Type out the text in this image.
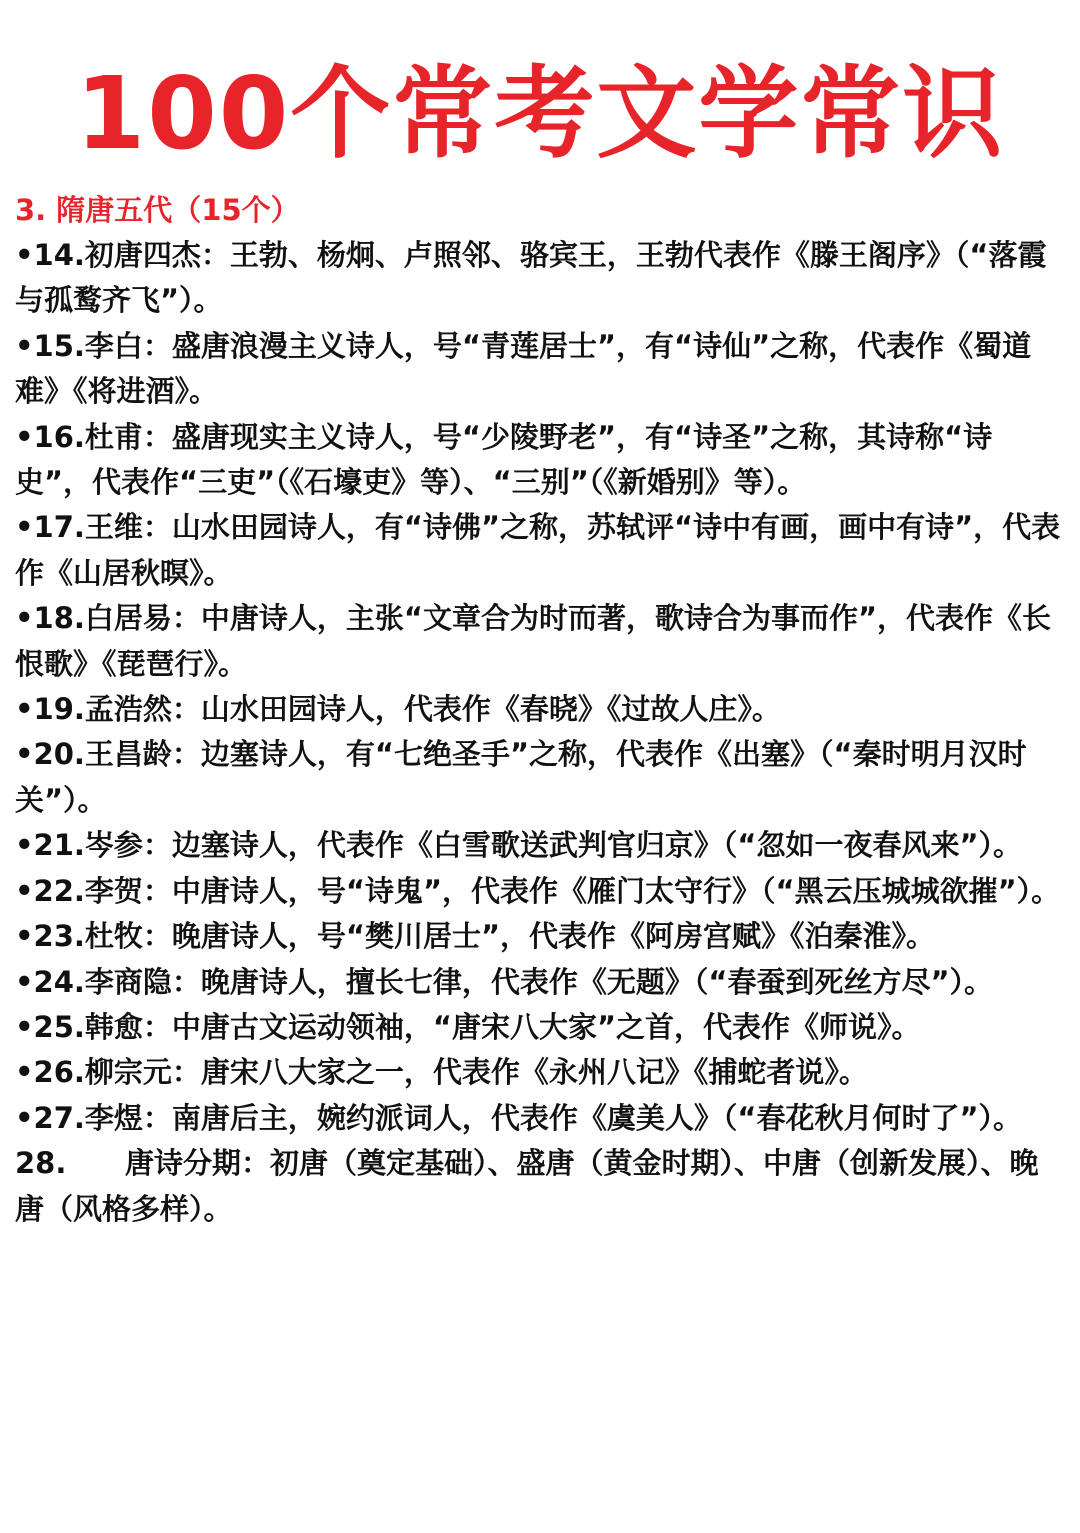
100个常考文学常识
3. 隋唐五代（15个）
•14.初唐四杰：王勃、杨炯、卢照邻、骆宾王，王勃代表作《滕王阁序》（“落霞与孤鹜齐飞”）。
•15.李白：盛唐浪漫主义诗人，号“青莲居士”，有“诗仙”之称，代表作《蜀道难》《将进酒》。
•16.杜甫：盛唐现实主义诗人，号“少陵野老”，有“诗圣”之称，其诗称“诗史”，代表作“三吏”（《石壕吏》等）、“三别”（《新婚别》等）。
•17.王维：山水田园诗人，有“诗佛”之称，苏轼评“诗中有画，画中有诗”，代表作《山居秋暝》。
•18.白居易：中唐诗人，主张“文章合为时而著，歌诗合为事而作”，代表作《长恨歌》《琵琶行》。
•19.孟浩然：山水田园诗人，代表作《春晓》《过故人庄》。
•20.王昌龄：边塞诗人，有“七绝圣手”之称，代表作《出塞》（“秦时明月汉时关”）。
•21.岑参：边塞诗人，代表作《白雪歌送武判官归京》（“忽如一夜春风来”）。
•22.李贺：中唐诗人，号“诗鬼”，代表作《雁门太守行》（“黑云压城城欲摧”）。
•23.杜牧：晚唐诗人，号“樊川居士”，代表作《阿房宫赋》《泊秦淮》。
•24.李商隐：晚唐诗人，擅长七律，代表作《无题》（“春蚕到死丝方尽”）。
•25.韩愈：中唐古文运动领袖，“唐宋八大家”之首，代表作《师说》。
•26.柳宗元：唐宋八大家之一，代表作《永州八记》《捕蛇者说》。
•27.李煜：南唐后主，婉约派词人，代表作《虞美人》（“春花秋月何时了”）。
28. 唐诗分期：初唐（奠定基础）、盛唐（黄金时期）、中唐（创新发展）、晚唐（风格多样）。
